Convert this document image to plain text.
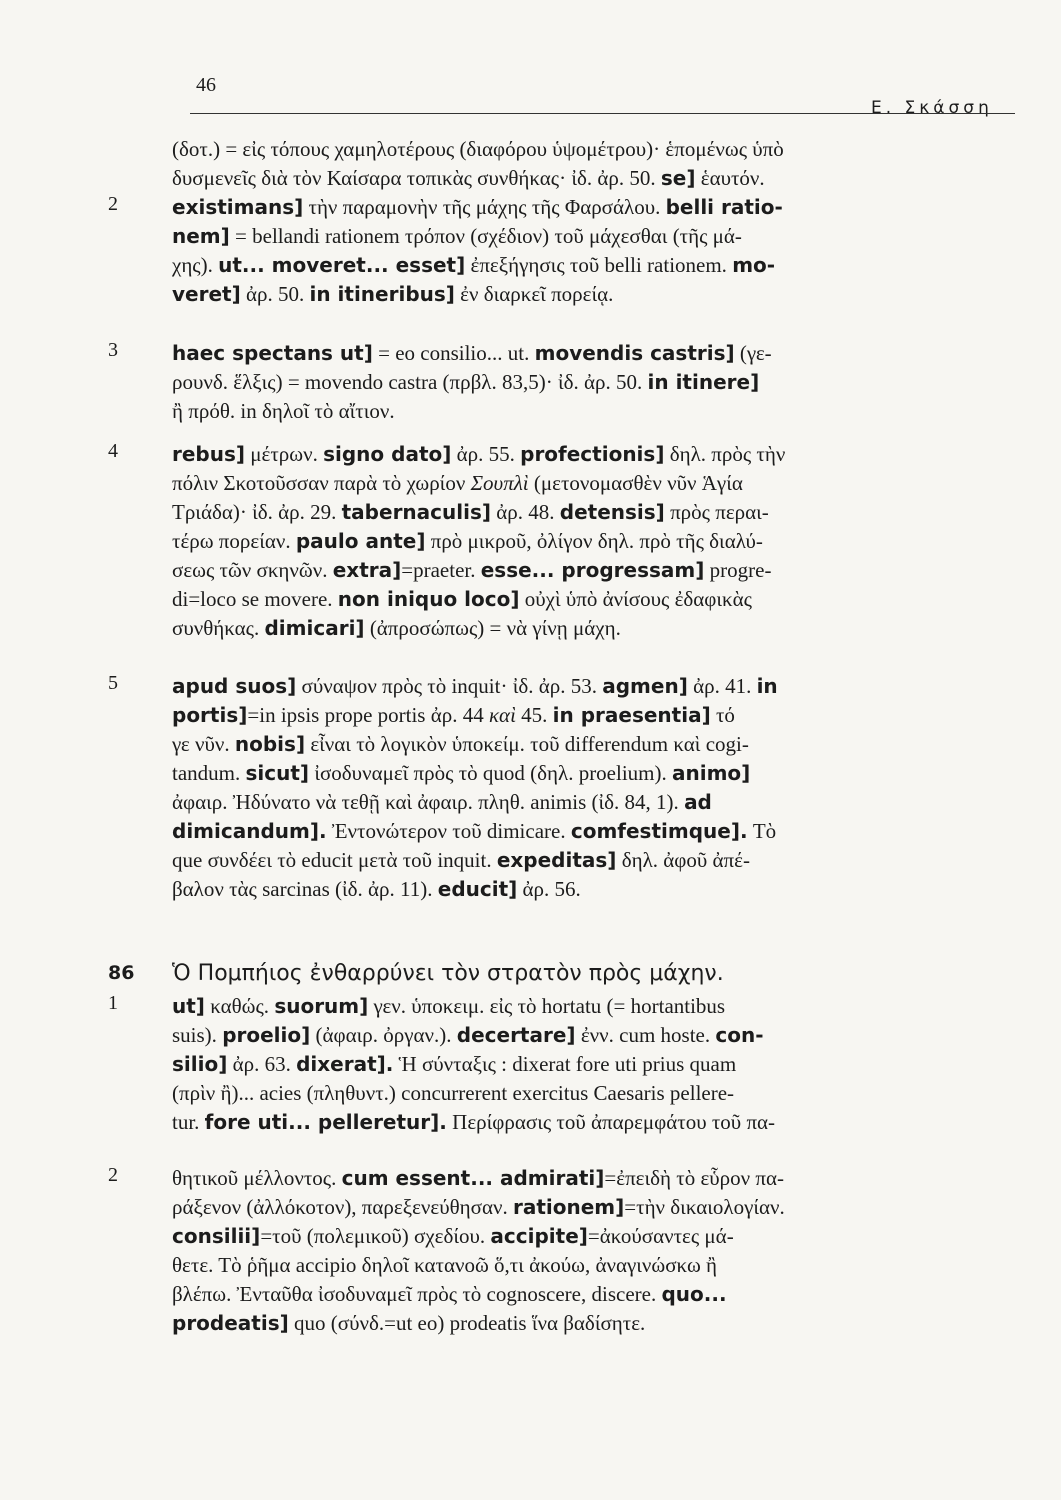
46
Ε. Σκάσση
2
3
4
5
86
1
2
(δοτ.) = εἰς τόπους χαμηλοτέρους (διαφόρου ὑψομέτρου)· ἑπομένως ὑπὸ
δυσμενεῖς διὰ τὸν Καίσαρα τοπικὰς συνθήκας· ἰδ. ἀρ. 50. se] ἑαυτόν.
existimans] τὴν παραμονὴν τῆς μάχης τῆς Φαρσάλου. belli ratio-
nem] = bellandi rationem τρόπον (σχέδιον) τοῦ μάχεσθαι (τῆς μά-
χης). ut... moveret... esset] ἐπεξήγησις τοῦ belli rationem. mo-
veret] ἀρ. 50. in itineribus] ἐν διαρκεῖ πορείᾳ.
haec spectans ut] = eo consilio... ut. movendis castris] (γε-
ρουνδ. ἕλξις) = movendo castra (πρβλ. 83,5)· ἰδ. ἀρ. 50. in itinere]
ἢ πρόθ. in δηλοῖ τὸ αἴτιον.
rebus] μέτρων. signo dato] ἀρ. 55. profectionis] δηλ. πρὸς τὴν
πόλιν Σκοτοῦσσαν παρὰ τὸ χωρίον Σουπλὶ (μετονομασθὲν νῦν Ἁγία
Τριάδα)· ἰδ. ἀρ. 29. tabernaculis] ἀρ. 48. detensis] πρὸς περαι-
τέρω πορείαν. paulo ante] πρὸ μικροῦ, ὀλίγον δηλ. πρὸ τῆς διαλύ-
σεως τῶν σκηνῶν. extra]=praeter. esse... progressam] progre-
di=loco se movere. non iniquo loco] οὐχὶ ὑπὸ ἀνίσους ἐδαφικὰς
συνθήκας. dimicari] (ἀπροσώπως) = νὰ γίνῃ μάχη.
apud suos] σύναψον πρὸς τὸ inquit· ἰδ. ἀρ. 53. agmen] ἀρ. 41. in
portis]=in ipsis prope portis ἀρ. 44 καὶ 45. in praesentia] τό
γε νῦν. nobis] εἶναι τὸ λογικὸν ὑποκείμ. τοῦ differendum καὶ cogi-
tandum. sicut] ἰσοδυναμεῖ πρὸς τὸ quod (δηλ. proelium). animo]
ἀφαιρ. Ἠδύνατο νὰ τεθῇ καὶ ἀφαιρ. πληθ. animis (ἰδ. 84, 1). ad
dimicandum]. Ἐντονώτερον τοῦ dimicare. comfestimque]. Τὸ
que συνδέει τὸ educit μετὰ τοῦ inquit. expeditas] δηλ. ἀφοῦ ἀπέ-
βαλον τὰς sarcinas (ἰδ. ἀρ. 11). educit] ἀρ. 56.
Ὁ Πομπήιος ἐνθαρρύνει τὸν στρατὸν πρὸς μάχην.
ut] καθώς. suorum] γεν. ὑποκειμ. εἰς τὸ hortatu (= hortantibus
suis). proelio] (ἀφαιρ. ὀργαν.). decertare] ἐνν. cum hoste. con-
silio] ἀρ. 63. dixerat]. Ἡ σύνταξις : dixerat fore uti prius quam
(πρὶν ἢ)... acies (πληθυντ.) concurrerent exercitus Caesaris pellere-
tur. fore uti... pelleretur]. Περίφρασις τοῦ ἀπαρεμφάτου τοῦ πα-
θητικοῦ μέλλοντος. cum essent... admirati]=ἐπειδὴ τὸ εὗρον πα-
ράξενον (ἀλλόκοτον), παρεξενεύθησαν. rationem]=τὴν δικαιολογίαν.
consilii]=τοῦ (πολεμικοῦ) σχεδίου. accipite]=ἀκούσαντες μά-
θετε. Τὸ ῥῆμα accipio δηλοῖ κατανοῶ ὅ,τι ἀκούω, ἀναγινώσκω ἢ
βλέπω. Ἐνταῦθα ἰσοδυναμεῖ πρὸς τὸ cognoscere, discere. quo...
prodeatis] quo (σύνδ.=ut eo) prodeatis ἵνα βαδίσητε.
